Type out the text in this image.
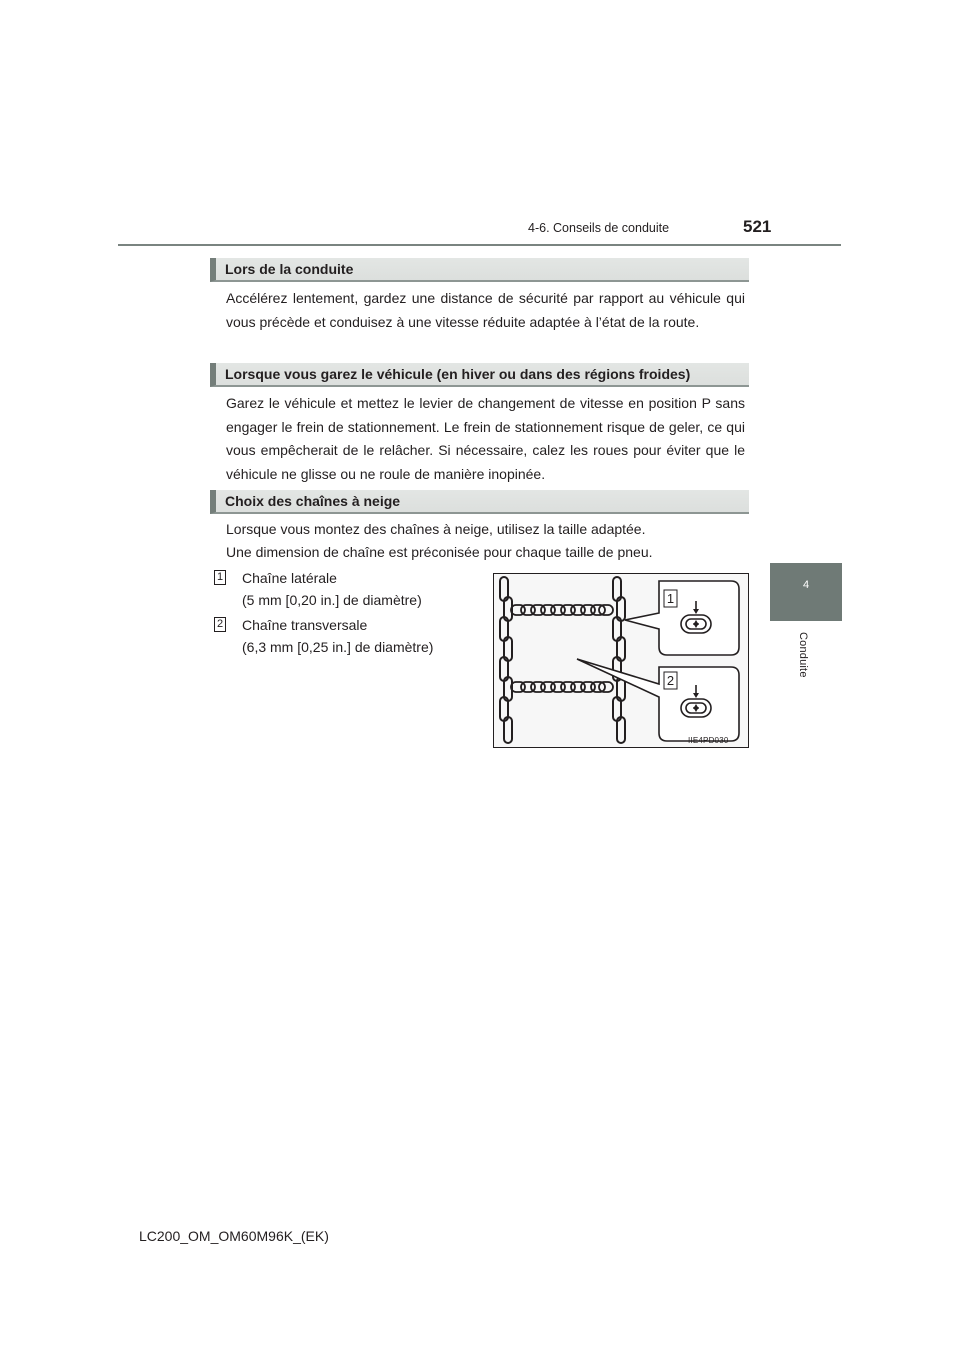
4-6. Conseils de conduite	521
4
Conduite
Lors de la conduite

Accélérez lentement, gardez une distance de sécurité par rapport au véhicule qui vous précède et conduisez à une vitesse réduite adaptée à l’état de la route.

Lorsque vous garez le véhicule (en hiver ou dans des régions froides)

Garez le véhicule et mettez le levier de changement de vitesse en position P sans engager le frein de stationnement. Le frein de stationnement risque de geler, ce qui vous empêcherait de le relâcher. Si nécessaire, calez les roues pour éviter que le véhicule ne glisse ou ne roule de manière inopinée.

Choix des chaînes à neige
Lorsque vous montez des chaînes à neige, utilisez la taille adaptée.
Une dimension de chaîne est préconisée pour chaque taille de pneu.
1 Chaîne latérale
(5 mm [0,20 in.] de diamètre)
2 Chaîne transversale
(6,3 mm [0,25 in.] de diamètre)
1
2
IIE4PD030
LC200_OM_OM60M96K_(EK)
